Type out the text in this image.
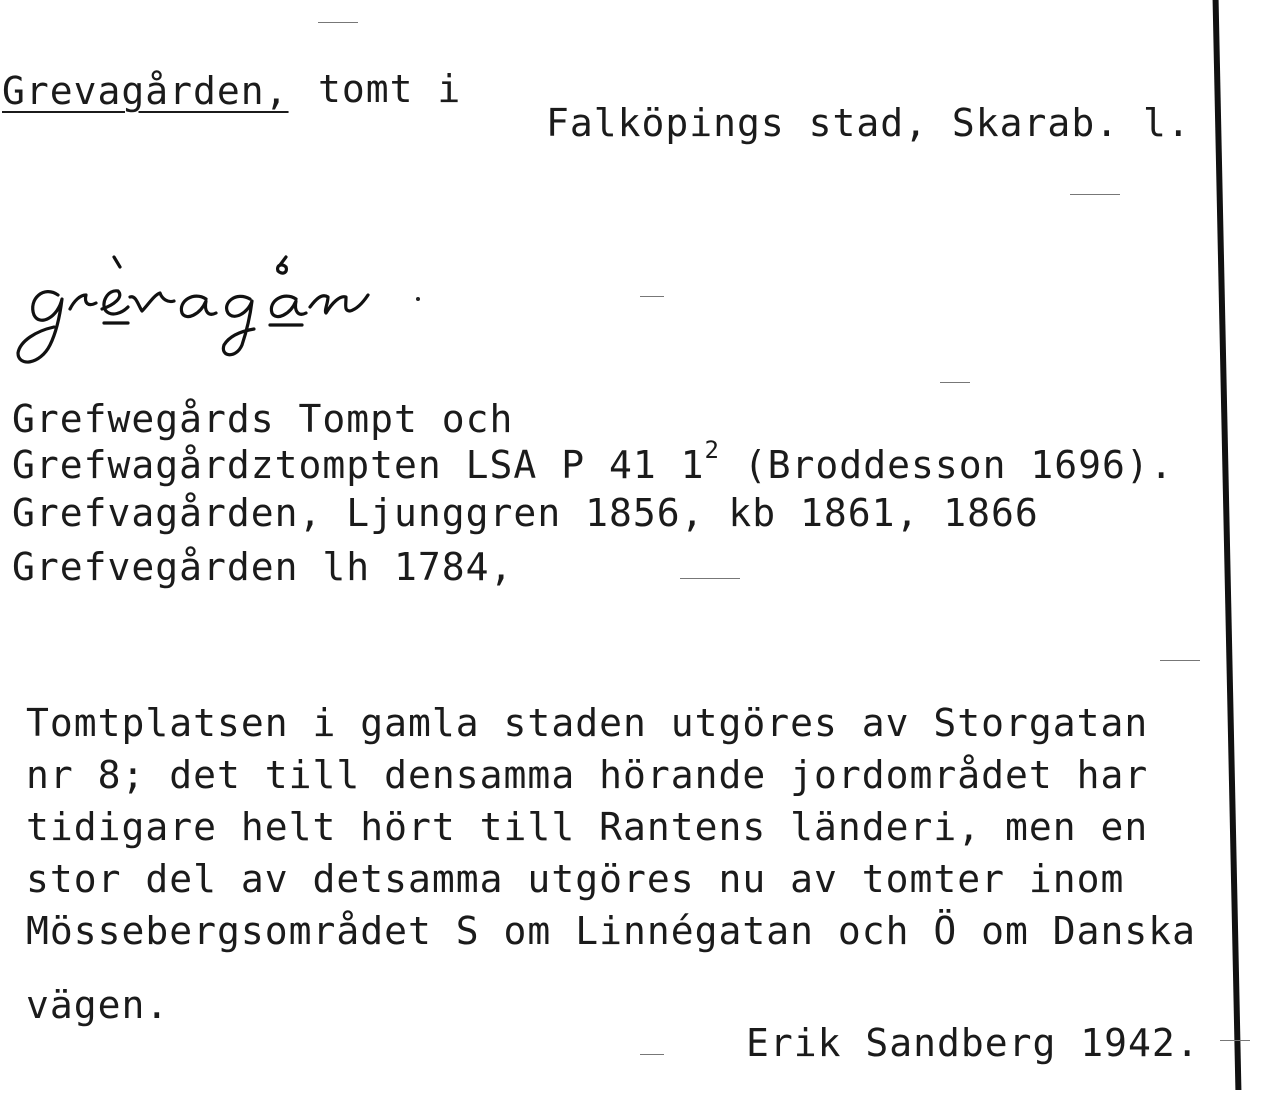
Grevagården, tomt i
Falköpings stad, Skarab. l.
Grefwegårds Tompt och
Grefwagårdztompten LSA P 41 $1^2$ (Broddesson 1696).
Grefvagården, Ljunggren 1856, kb 1861, 1866
Grefvegården lh 1784,
Tomtplatsen i gamla staden utgöres av Storgatan
nr 8; det till densamma hörande jordområdet har
tidigare helt hört till Rantens länderi, men en
stor del av detsamma utgöres nu av tomter inom
Mössebergsområdet S om Linnégatan och Ö om Danska
vägen.
Erik Sandberg 1942.
